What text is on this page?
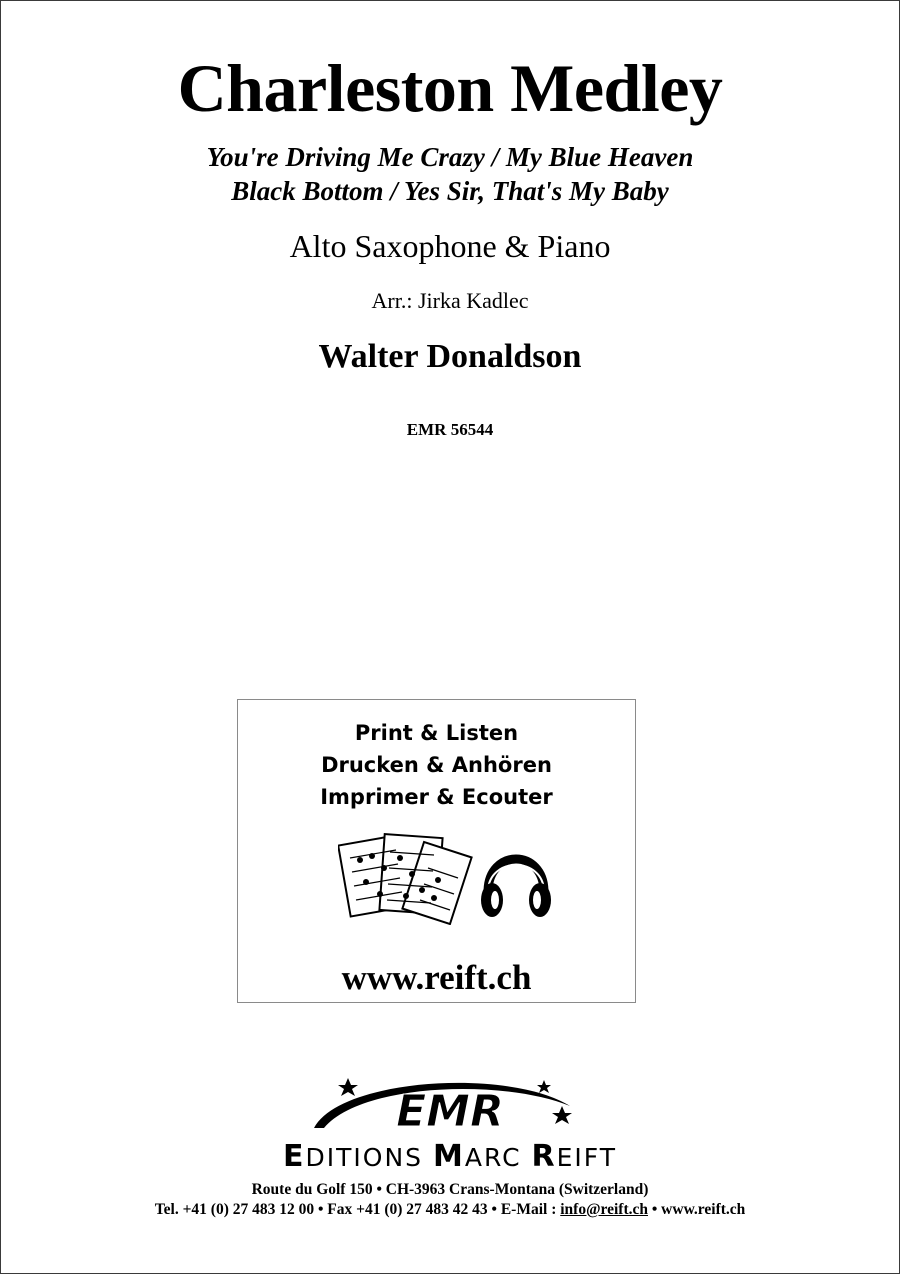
Charleston Medley
You're Driving Me Crazy / My Blue Heaven
Black Bottom / Yes Sir, That's My Baby
Alto Saxophone & Piano
Arr.: Jirka Kadlec
Walter Donaldson
EMR 56544
Print & Listen
Drucken & Anhören
Imprimer & Ecouter
www.reift.ch
EMR
EDITIONS MARC REIFT
Route du Golf 150 • CH-3963 Crans-Montana (Switzerland)
Tel. +41 (0) 27 483 12 00 • Fax +41 (0) 27 483 42 43 • E-Mail : info@reift.ch • www.reift.ch
